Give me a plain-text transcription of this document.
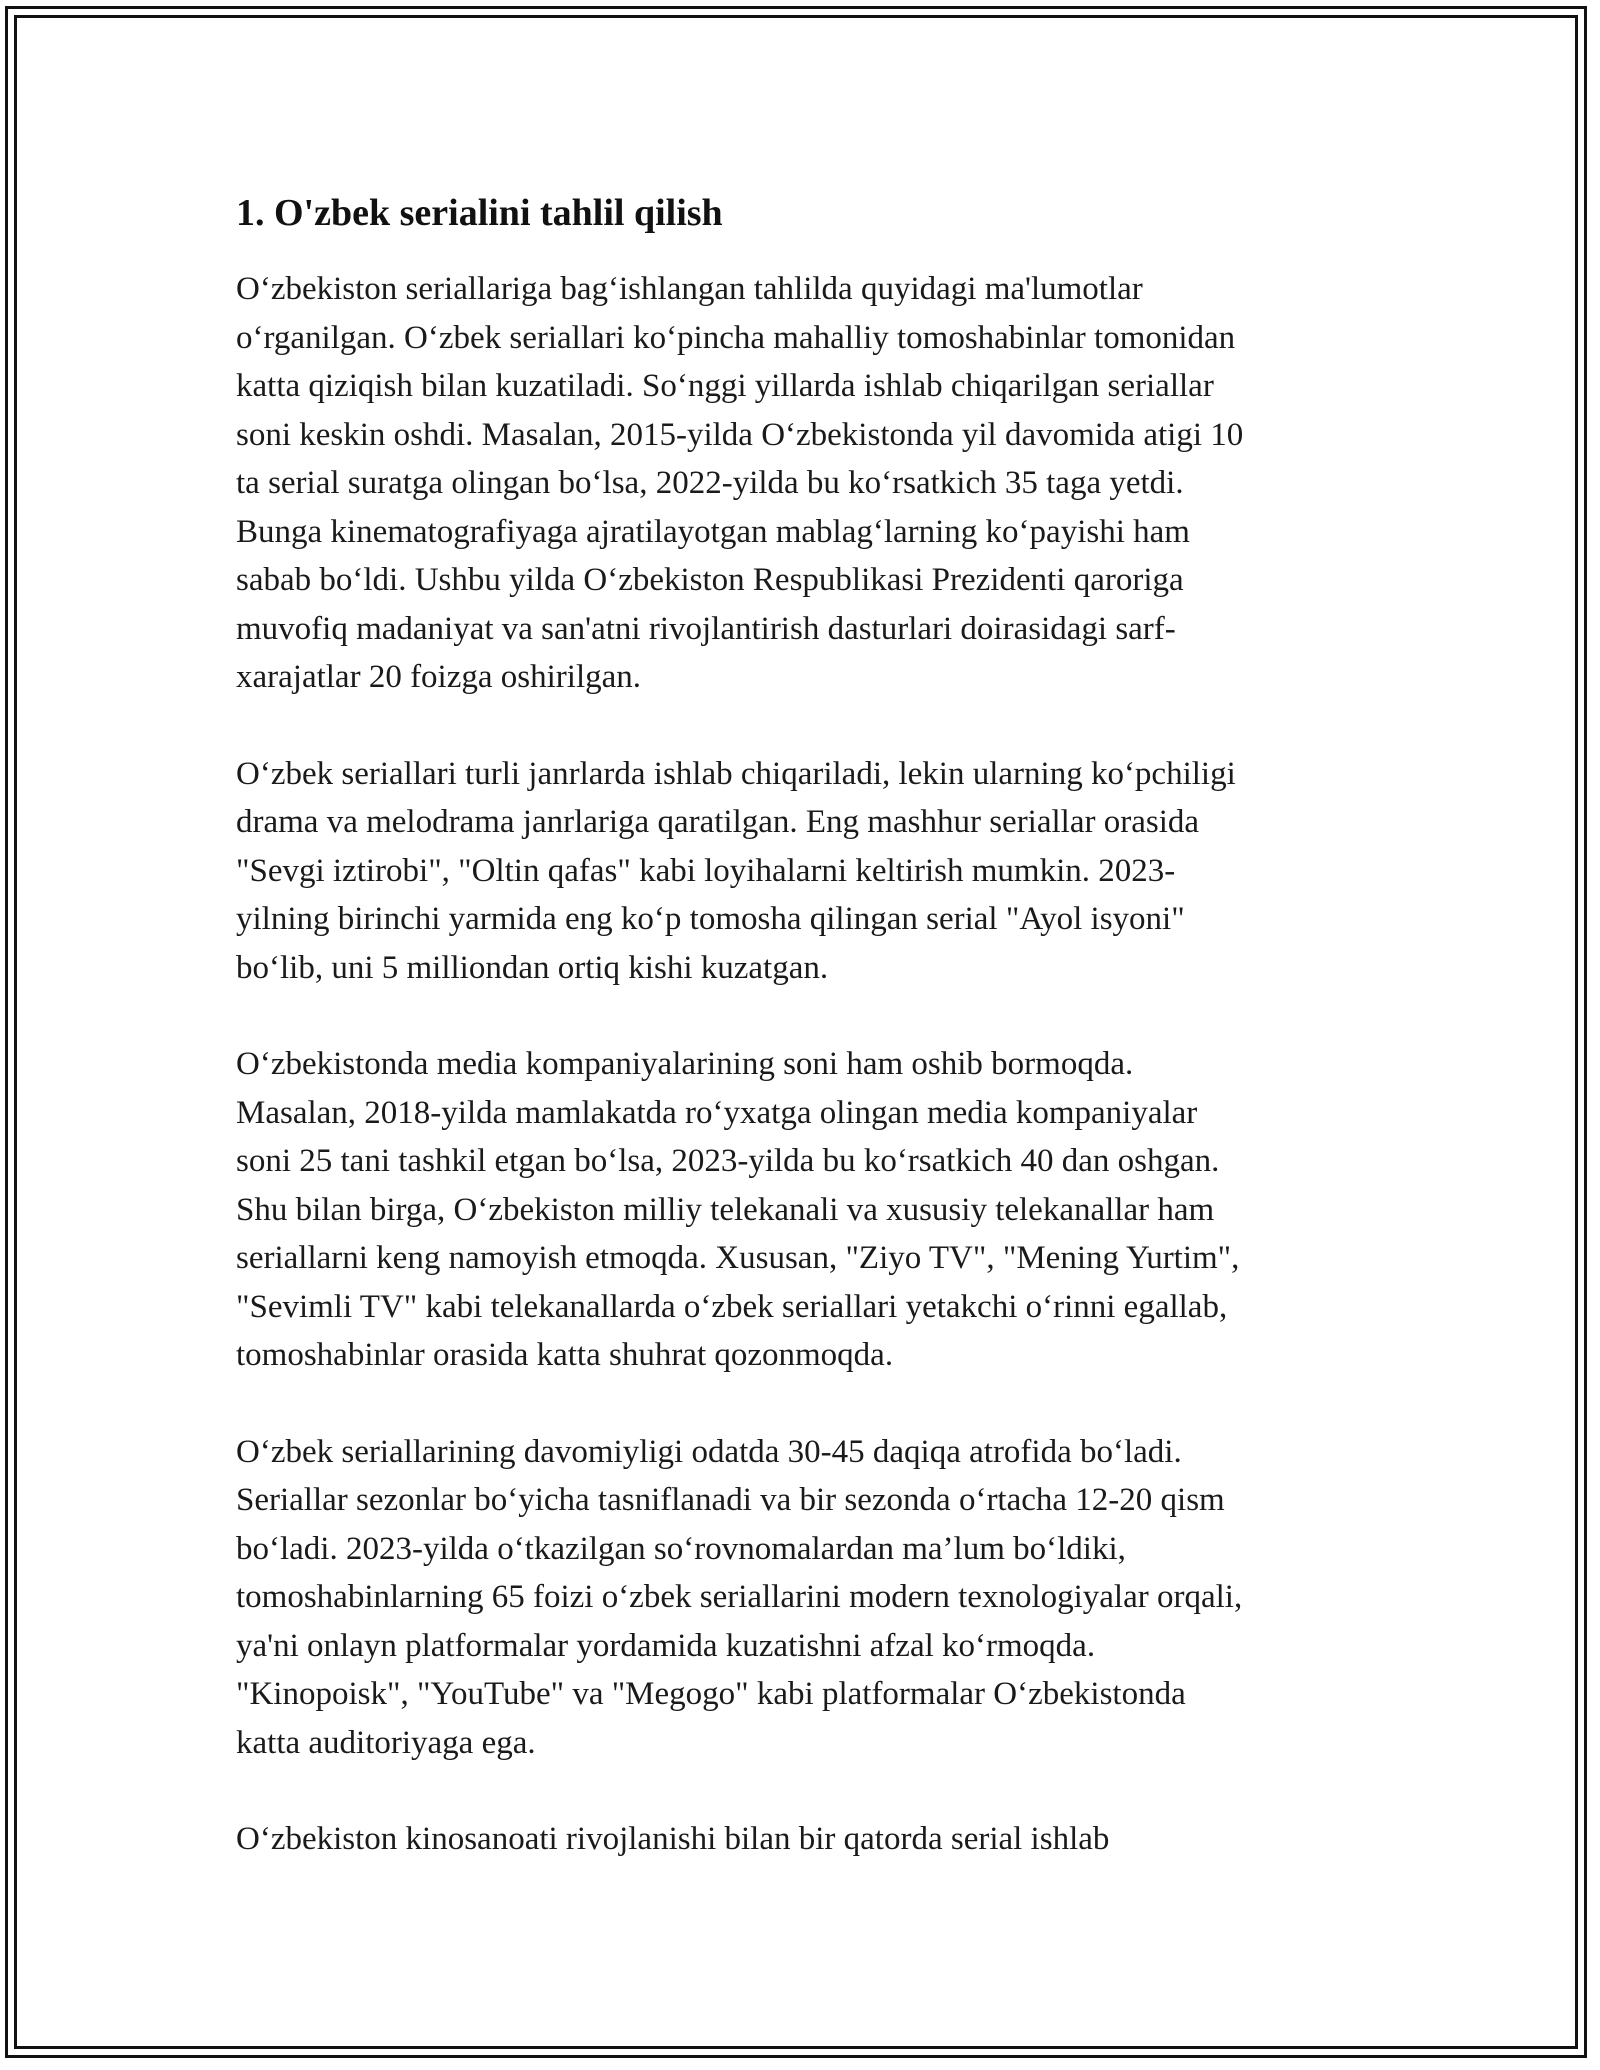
1. O'zbek serialini tahlil qilish

O‘zbekiston seriallariga bag‘ishlangan tahlilda quyidagi ma'lumotlar
o‘rganilgan. O‘zbek seriallari ko‘pincha mahalliy tomoshabinlar tomonidan
katta qiziqish bilan kuzatiladi. So‘nggi yillarda ishlab chiqarilgan seriallar
soni keskin oshdi. Masalan, 2015-yilda O‘zbekistonda yil davomida atigi 10
ta serial suratga olingan bo‘lsa, 2022-yilda bu ko‘rsatkich 35 taga yetdi.
Bunga kinematografiyaga ajratilayotgan mablag‘larning ko‘payishi ham
sabab bo‘ldi. Ushbu yilda O‘zbekiston Respublikasi Prezidenti qaroriga
muvofiq madaniyat va san'atni rivojlantirish dasturlari doirasidagi sarf-
xarajatlar 20 foizga oshirilgan.

O‘zbek seriallari turli janrlarda ishlab chiqariladi, lekin ularning ko‘pchiligi
drama va melodrama janrlariga qaratilgan. Eng mashhur seriallar orasida
"Sevgi iztirobi", "Oltin qafas" kabi loyihalarni keltirish mumkin. 2023-
yilning birinchi yarmida eng ko‘p tomosha qilingan serial "Ayol isyoni"
bo‘lib, uni 5 milliondan ortiq kishi kuzatgan.

O‘zbekistonda media kompaniyalarining soni ham oshib bormoqda.
Masalan, 2018-yilda mamlakatda ro‘yxatga olingan media kompaniyalar
soni 25 tani tashkil etgan bo‘lsa, 2023-yilda bu ko‘rsatkich 40 dan oshgan.
Shu bilan birga, O‘zbekiston milliy telekanali va xususiy telekanallar ham
seriallarni keng namoyish etmoqda. Xususan, "Ziyo TV", "Mening Yurtim",
"Sevimli TV" kabi telekanallarda o‘zbek seriallari yetakchi o‘rinni egallab,
tomoshabinlar orasida katta shuhrat qozonmoqda.

O‘zbek seriallarining davomiyligi odatda 30-45 daqiqa atrofida bo‘ladi.
Seriallar sezonlar bo‘yicha tasniflanadi va bir sezonda o‘rtacha 12-20 qism
bo‘ladi. 2023-yilda o‘tkazilgan so‘rovnomalardan ma’lum bo‘ldiki,
tomoshabinlarning 65 foizi o‘zbek seriallarini modern texnologiyalar orqali,
ya'ni onlayn platformalar yordamida kuzatishni afzal ko‘rmoqda.
"Kinopoisk", "YouTube" va "Megogo" kabi platformalar O‘zbekistonda
katta auditoriyaga ega.

O‘zbekiston kinosanoati rivojlanishi bilan bir qatorda serial ishlab
